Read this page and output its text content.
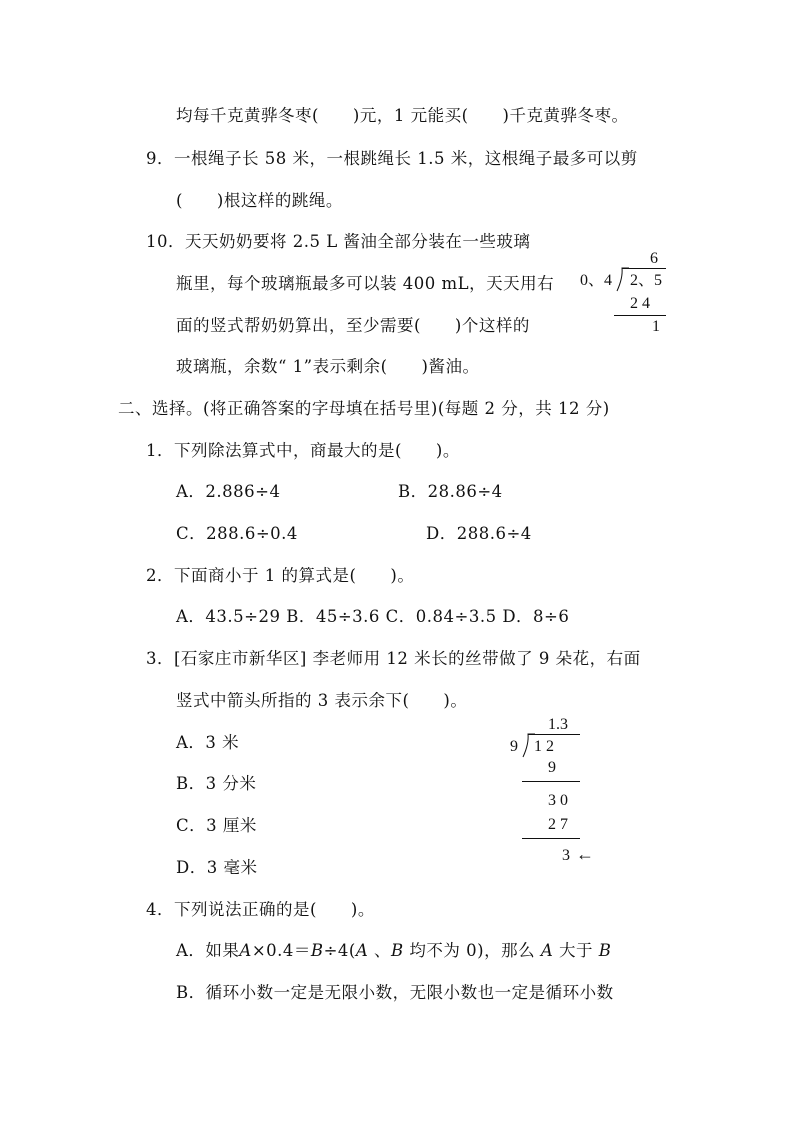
均每千克黄骅冬枣(　　)元，1 元能买(　　)千克黄骅冬枣。
9．一根绳子长 58 米，一根跳绳长 1.5 米，这根绳子最多可以剪
(　　)根这样的跳绳。
10．天天奶奶要将 2.5 L 酱油全部分装在一些玻璃
瓶里，每个玻璃瓶最多可以装 400 mL，天天用右
面的竖式帮奶奶算出，至少需要(　　)个这样的
玻璃瓶，余数“ 1”表示剩余(　　)酱油。
6
0、4 2、5
2 4
1
二、选择。(将正确答案的字母填在括号里)(每题 2 分，共 12 分)
1．下列除法算式中，商最大的是(　　)。
A．2.886÷4	B．28.86÷4
C．288.6÷0.4	D．288.6÷4
2．下面商小于 1 的算式是(　　)。
A．43.5÷29 B．45÷3.6 C．0.84÷3.5 D．8÷6
3．[石家庄市新华区] 李老师用 12 米长的丝带做了 9 朵花，右面
竖式中箭头所指的 3 表示余下(　　)。
A．3 米
B．3 分米
C．3 厘米
D．3 毫米
1.3
9 1 2
9
3 0
2 7
3 ←
4．下列说法正确的是(　　)。
A．如果A×0.4＝B÷4(A 、B 均不为 0)，那么 A 大于 B
B．循环小数一定是无限小数，无限小数也一定是循环小数
